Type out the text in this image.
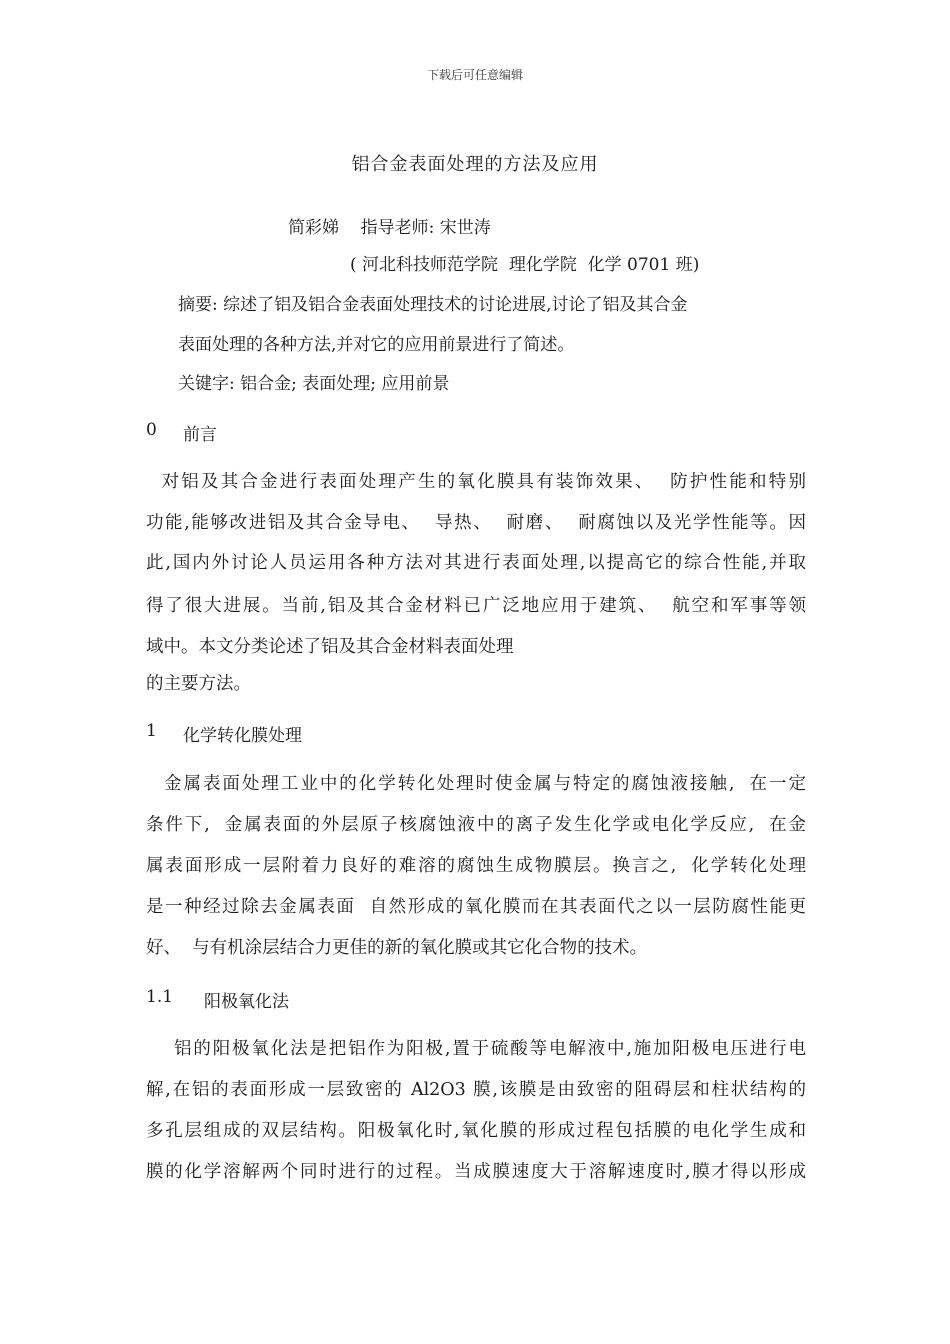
下载后可任意编辑
铝合金表面处理的方法及应用
简彩娣    指导老师: 宋世涛
( 河北科技师范学院  理化学院  化学 0701 班)
摘要: 综述了铝及铝合金表面处理技术的讨论进展,讨论了铝及其合金
表面处理的各种方法,并对它的应用前景进行了简述。
关键字: 铝合金; 表面处理; 应用前景
0 前言
对铝及其合金进行表面处理产生的氧化膜具有装饰效果、  防护性能和特别
功能,能够改进铝及其合金导电、  导热、  耐磨、  耐腐蚀以及光学性能等。因
此,国内外讨论人员运用各种方法对其进行表面处理,以提高它的综合性能,并取
得了很大进展。当前,铝及其合金材料已广泛地应用于建筑、  航空和军事等领
域中。本文分类论述了铝及其合金材料表面处理
的主要方法。
1 化学转化膜处理
金属表面处理工业中的化学转化处理时使金属与特定的腐蚀液接触,  在一定
条件下,  金属表面的外层原子核腐蚀液中的离子发生化学或电化学反应,  在金
属表面形成一层附着力良好的难溶的腐蚀生成物膜层。换言之,  化学转化处理
是一种经过除去金属表面  自然形成的氧化膜而在其表面代之以一层防腐性能更
好、  与有机涂层结合力更佳的新的氧化膜或其它化合物的技术。
1.1 阳极氧化法
铝的阳极氧化法是把铝作为阳极,置于硫酸等电解液中,施加阳极电压进行电
解,在铝的表面形成一层致密的 Al2O3 膜,该膜是由致密的阻碍层和柱状结构的
多孔层组成的双层结构。阳极氧化时,氧化膜的形成过程包括膜的电化学生成和
膜的化学溶解两个同时进行的过程。当成膜速度大于溶解速度时,膜才得以形成
